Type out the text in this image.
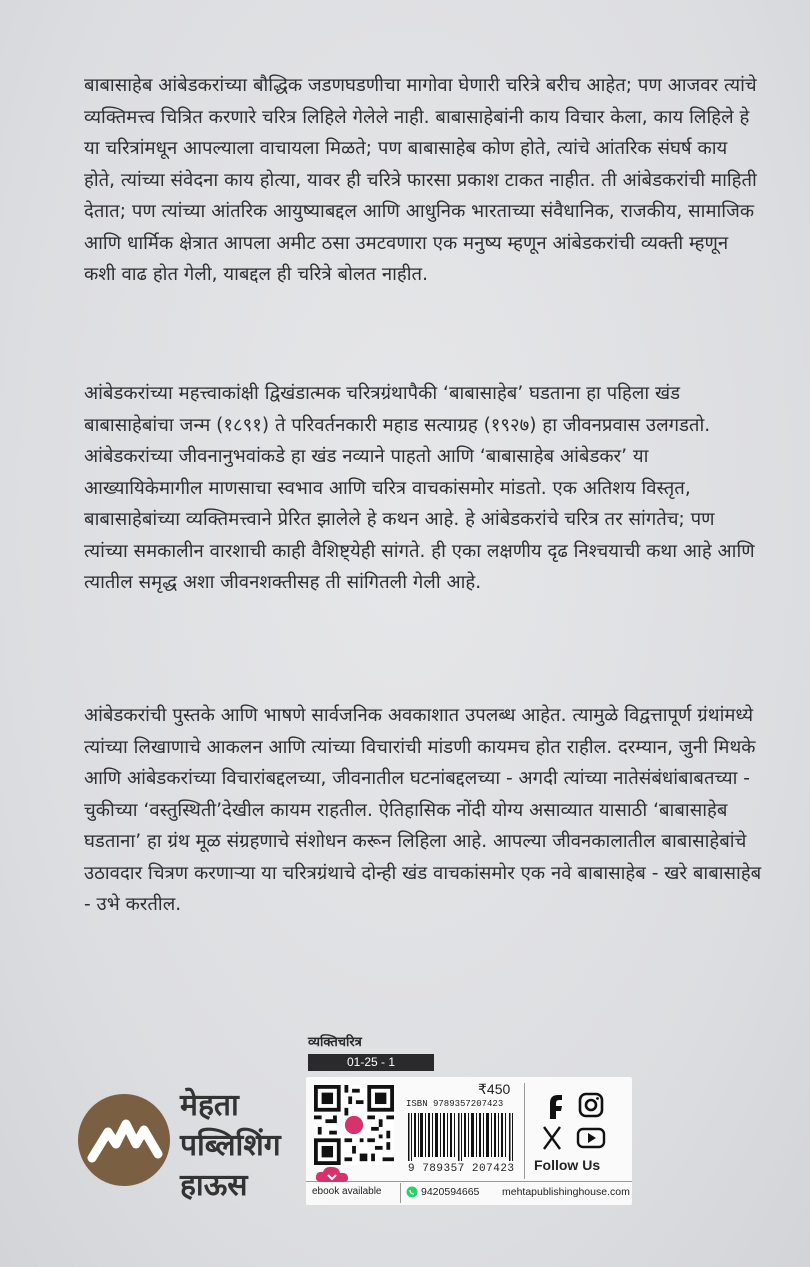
बाबासाहेब आंबेडकरांच्या बौद्धिक जडणघडणीचा मागोवा घेणारी चरित्रे बरीच आहेत; पण आजवर त्यांचे व्यक्तिमत्त्व चित्रित करणारे चरित्र लिहिले गेलेले नाही. बाबासाहेबांनी काय विचार केला, काय लिहिले हे या चरित्रांमधून आपल्याला वाचायला मिळते; पण बाबासाहेब कोण होते, त्यांचे आंतरिक संघर्ष काय होते, त्यांच्या संवेदना काय होत्या, यावर ही चरित्रे फारसा प्रकाश टाकत नाहीत. ती आंबेडकरांची माहिती देतात; पण त्यांच्या आंतरिक आयुष्याबद्दल आणि आधुनिक भारताच्या संवैधानिक, राजकीय, सामाजिक आणि धार्मिक क्षेत्रात आपला अमीट ठसा उमटवणारा एक मनुष्य म्हणून आंबेडकरांची व्यक्ती म्हणून कशी वाढ होत गेली, याबद्दल ही चरित्रे बोलत नाहीत.

आंबेडकरांच्या महत्त्वाकांक्षी द्विखंडात्मक चरित्रग्रंथापैकी ‘बाबासाहेब’ घडताना हा पहिला खंड बाबासाहेबांचा जन्म (१८९१) ते परिवर्तनकारी महाड सत्याग्रह (१९२७) हा जीवनप्रवास उलगडतो. आंबेडकरांच्या जीवनानुभवांकडे हा खंड नव्याने पाहतो आणि ‘बाबासाहेब आंबेडकर’ या आख्यायिकेमागील माणसाचा स्वभाव आणि चरित्र वाचकांसमोर मांडतो. एक अतिशय विस्तृत, बाबासाहेबांच्या व्यक्तिमत्त्वाने प्रेरित झालेले हे कथन आहे. हे आंबेडकरांचे चरित्र तर सांगतेच; पण त्यांच्या समकालीन वारशाची काही वैशिष्ट्येही सांगते. ही एका लक्षणीय दृढ निश्चयाची कथा आहे आणि त्यातील समृद्ध अशा जीवनशक्तीसह ती सांगितली गेली आहे.

आंबेडकरांची पुस्तके आणि भाषणे सार्वजनिक अवकाशात उपलब्ध आहेत. त्यामुळे विद्वत्तापूर्ण ग्रंथांमध्ये त्यांच्या लिखाणाचे आकलन आणि त्यांच्या विचारांची मांडणी कायमच होत राहील. दरम्यान, जुनी मिथके आणि आंबेडकरांच्या विचारांबद्दलच्या, जीवनातील घटनांबद्दलच्या - अगदी त्यांच्या नातेसंबंधांबाबतच्या - चुकीच्या ‘वस्तुस्थिती’देखील कायम राहतील. ऐतिहासिक नोंदी योग्य असाव्यात यासाठी ‘बाबासाहेब घडताना’ हा ग्रंथ मूळ संग्रहणाचे संशोधन करून लिहिला आहे. आपल्या जीवनकालातील बाबासाहेबांचे उठावदार चित्रण करणाऱ्या या चरित्रग्रंथाचे दोन्ही खंड वाचकांसमोर एक नवे बाबासाहेब - खरे बाबासाहेब - उभे करतील.

व्यक्तिचरित्र
01-25 - 1
मेहता
पब्लिशिंग
हाऊस
₹450
ISBN 9789357207423
9 789357 207423 Follow Us
ebook available	9420594665 mehtapublishinghouse.com
